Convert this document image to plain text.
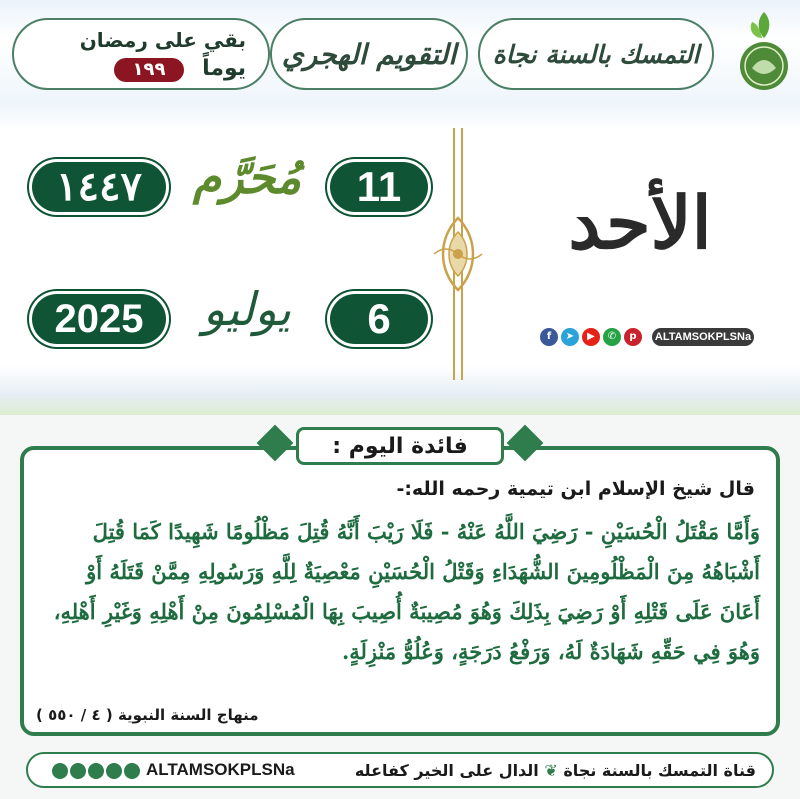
التمسك بالسنة نجاة
التقويم الهجري
بقي على رمضان
١٩٩	يوماً
11
مُحَرَّم
١٤٤٧
6
يوليو
2025
الأحد
f	➤	▶	✆	p	ALTAMSOKPLSNa
فائدة اليوم :
قال شيخ الإسلام ابن تيمية رحمه الله:-
وَأَمَّا مَقْتَلُ الْحُسَيْنِ - رَضِيَ اللَّهُ عَنْهُ - فَلَا رَيْبَ أَنَّهُ قُتِلَ مَظْلُومًا شَهِيدًا كَمَا قُتِلَ أَشْبَاهُهُ مِنَ الْمَظْلُومِينَ الشُّهَدَاءِ وَقَتْلُ الْحُسَيْنِ مَعْصِيَةٌ لِلَّهِ وَرَسُولِهِ مِمَّنْ قَتَلَهُ أَوْ أَعَانَ عَلَى قَتْلِهِ أَوْ رَضِيَ بِذَلِكَ وَهُوَ مُصِيبَةٌ أُصِيبَ بِهَا الْمُسْلِمُونَ مِنْ أَهْلِهِ وَغَيْرِ أَهْلِهِ، وَهُوَ فِي حَقِّهِ شَهَادَةٌ لَهُ، وَرَفْعُ دَرَجَةٍ، وَعُلُوُّ مَنْزِلَةٍ.
منهاج السنة النبوية ( ٤ / ٥٥٠ )
قناة التمسك بالسنة نجاة ❦ الدال على الخير كفاعله
ALTAMSOKPLSNa
